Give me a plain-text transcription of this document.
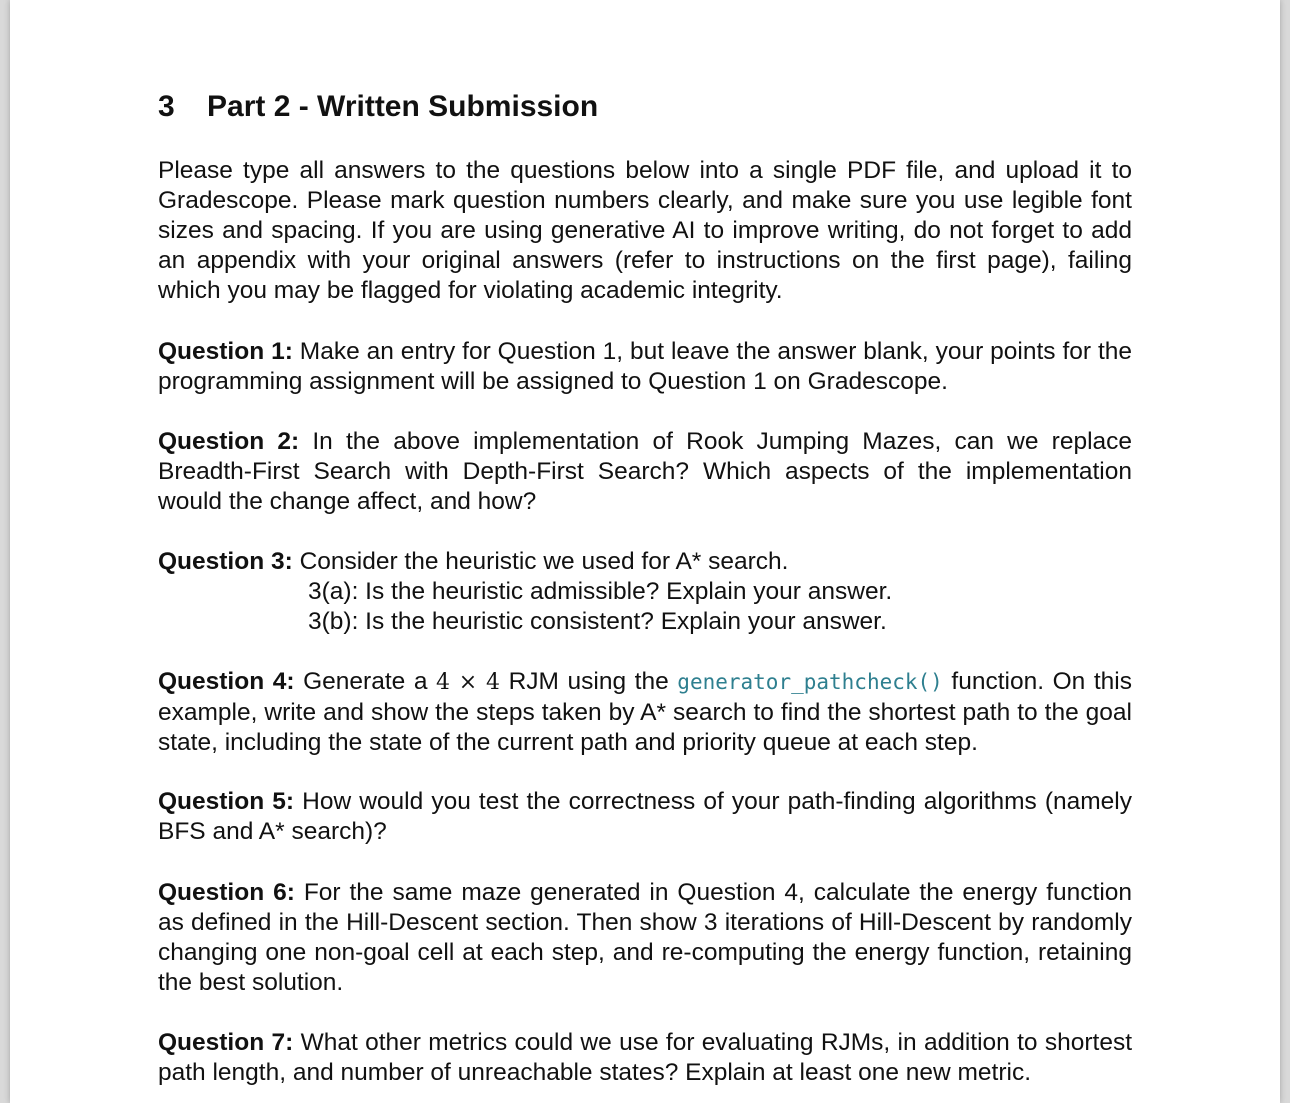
3 Part 2 - Written Submission

Please type all answers to the questions below into a single PDF file, and upload it to Gradescope. Please mark question numbers clearly, and make sure you use legible font sizes and spacing. If you are using generative AI to improve writing, do not forget to add an appendix with your original answers (refer to instructions on the first page), failing which you may be flagged for violating academic integrity.

Question 1: Make an entry for Question 1, but leave the answer blank, your points for the programming assignment will be assigned to Question 1 on Gradescope.

Question 2: In the above implementation of Rook Jumping Mazes, can we replace Breadth-First Search with Depth-First Search? Which aspects of the implementation would the change affect, and how?

Question 3: Consider the heuristic we used for A* search.
3(a): Is the heuristic admissible? Explain your answer.
3(b): Is the heuristic consistent? Explain your answer.

Question 4: Generate a 4 × 4 RJM using the generator_pathcheck() function. On this example, write and show the steps taken by A* search to find the shortest path to the goal state, including the state of the current path and priority queue at each step.

Question 5: How would you test the correctness of your path-finding algorithms (namely BFS and A* search)?

Question 6: For the same maze generated in Question 4, calculate the energy function as defined in the Hill-Descent section. Then show 3 iterations of Hill-Descent by randomly changing one non-goal cell at each step, and re-computing the energy function, retaining the best solution.

Question 7: What other metrics could we use for evaluating RJMs, in addition to shortest path length, and number of unreachable states? Explain at least one new metric.
